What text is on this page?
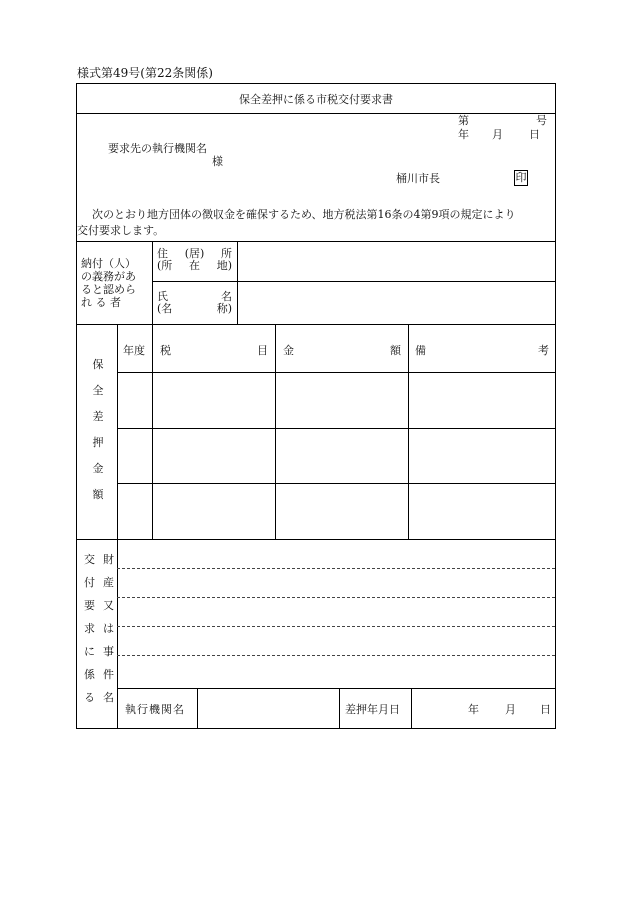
様式第49号(第22条関係)
保全差押に係る市税交付要求書
第	号
年 月 日
要求先の執行機関名
様
桶川市長	印
次のとおり地方団体の徴収金を確保するため、地方税法第16条の4第9項の規定により
交付要求します。
納付（人）
の義務があ
ると認めら
れ る 者
住 (居) 所
(所 在 地)
氏	名
(名	称)
保
全
差
押
金
額
年度 税	目 金	額 備	考
交 財
付 産
要 又
求 は
に 事
係 件
る 名
執行機関名	差押年月日	年 月 日
